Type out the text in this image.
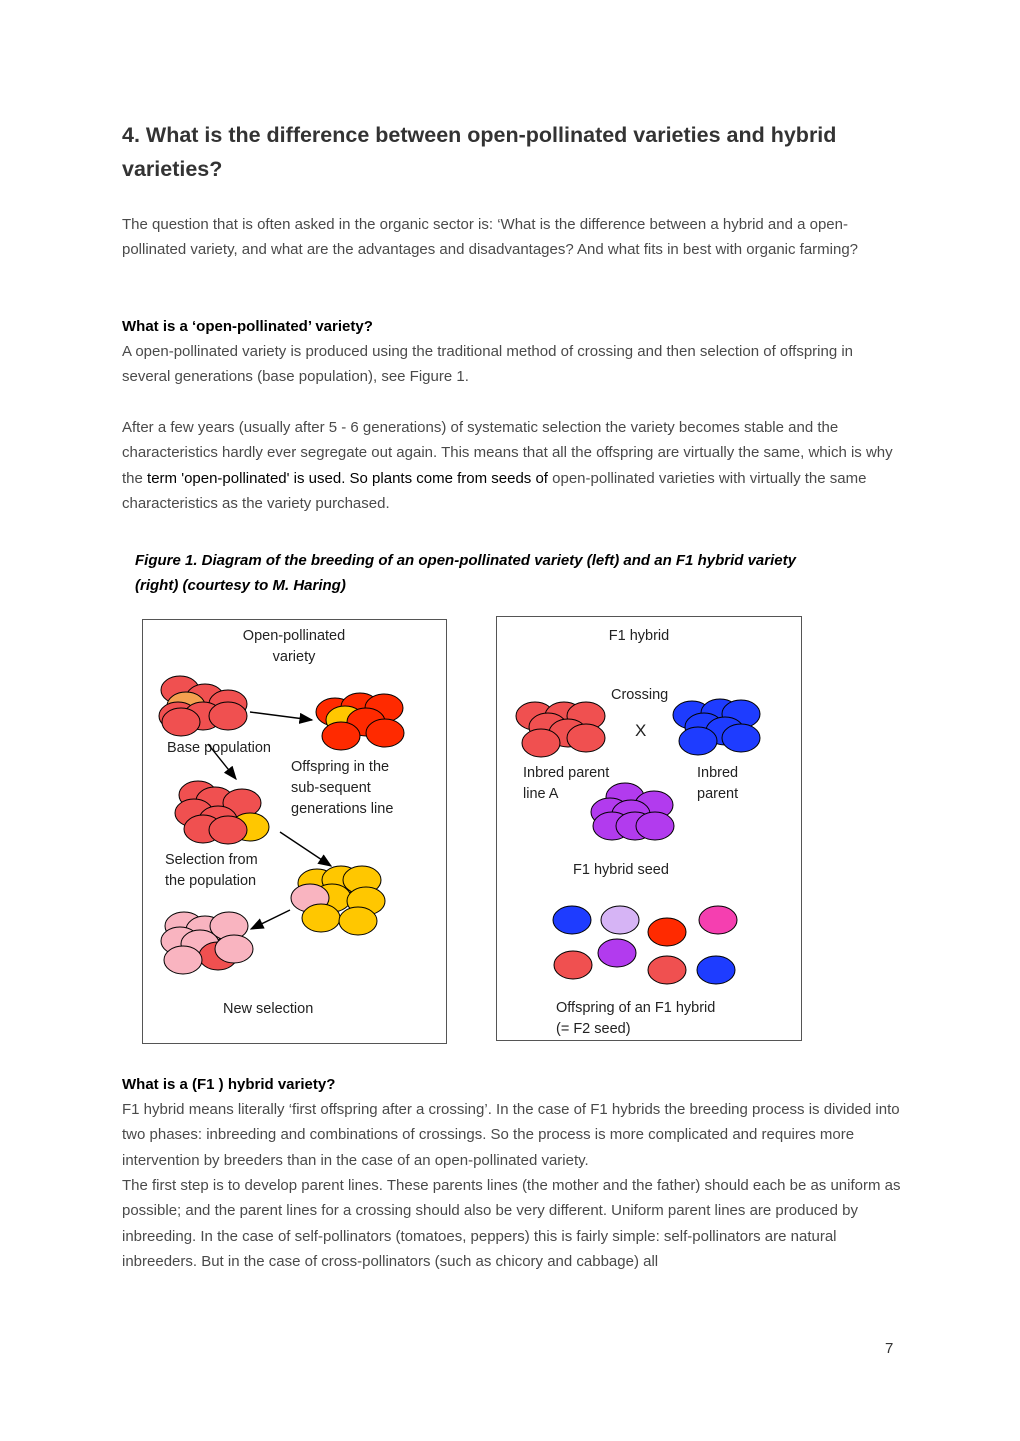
4. What is the difference between open-pollinated varieties and hybrid varieties?

The question that is often asked in the organic sector is: ‘What is the difference between a hybrid and a open-pollinated variety, and what are the advantages and disadvantages? And what fits in best with organic farming?

What is a ‘open-pollinated’ variety?

A open-pollinated variety is produced using the traditional method of crossing and then selection of offspring in several generations (base population), see Figure 1.

After a few years (usually after 5 - 6 generations) of systematic selection the variety becomes stable and the characteristics hardly ever segregate out again. This means that all the offspring are virtually the same, which is why the term 'open-pollinated' is used. So plants come from seeds of open-pollinated varieties with virtually the same characteristics as the variety purchased.

Figure 1. Diagram of the breeding of an open-pollinated variety (left) and an F1 hybrid variety (right) (courtesy to M. Haring)
Open-pollinated
variety
Base population
Offspring in the
sub-sequent
generations line
Selection from
the population
New selection
F1 hybrid
Crossing
X
Inbred parent
line A
Inbred
parent
F1 hybrid seed
Offspring of an F1 hybrid
(= F2 seed)
What is a (F1 ) hybrid variety?

F1 hybrid means literally ‘first offspring after a crossing’. In the case of F1 hybrids the breeding process is divided into two phases: inbreeding and combinations of crossings. So the process is more complicated and requires more intervention by breeders than in the case of an open-pollinated variety.

The first step is to develop parent lines. These parents lines (the mother and the father) should each be as uniform as possible; and the parent lines for a crossing should also be very different. Uniform parent lines are produced by inbreeding. In the case of self-pollinators (tomatoes, peppers) this is fairly simple: self-pollinators are natural inbreeders. But in the case of cross-pollinators (such as chicory and cabbage) all

7
